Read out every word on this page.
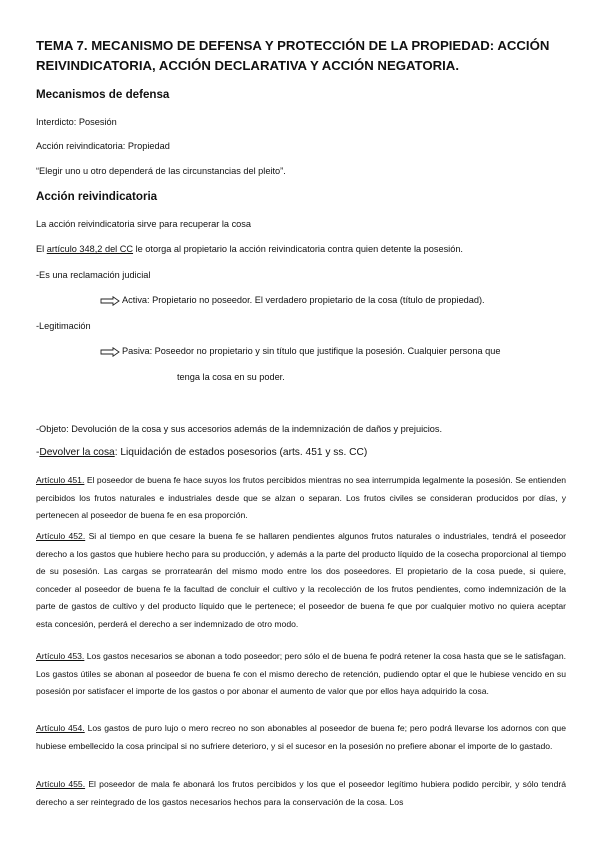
TEMA 7. MECANISMO DE DEFENSA Y PROTECCIÓN DE LA PROPIEDAD: ACCIÓN REIVINDICATORIA, ACCIÓN DECLARATIVA Y ACCIÓN NEGATORIA.
Mecanismos de defensa
Interdicto: Posesión
Acción reivindicatoria: Propiedad
“Elegir uno u otro dependerá de las circunstancias del pleito”.
Acción reivindicatoria
La acción reivindicatoria sirve para recuperar la cosa
El artículo 348,2 del CC le otorga al propietario la acción reivindicatoria contra quien detente la posesión.
-Es una reclamación judicial
Activa: Propietario no poseedor. El verdadero propietario de la cosa (título de propiedad).
-Legitimación
Pasiva: Poseedor no propietario y sin título que justifique la posesión. Cualquier persona que
tenga la cosa en su poder.
-Objeto: Devolución de la cosa y sus accesorios además de la indemnización de daños y prejuicios.
-Devolver la cosa: Liquidación de estados posesorios (arts. 451 y ss. CC)
Artículo 451. El poseedor de buena fe hace suyos los frutos percibidos mientras no sea interrumpida legalmente la posesión. Se entienden percibidos los frutos naturales e industriales desde que se alzan o separan. Los frutos civiles se consideran producidos por días, y pertenecen al poseedor de buena fe en esa proporción.
Artículo 452. Si al tiempo en que cesare la buena fe se hallaren pendientes algunos frutos naturales o industriales, tendrá el poseedor derecho a los gastos que hubiere hecho para su producción, y además a la parte del producto líquido de la cosecha proporcional al tiempo de su posesión. Las cargas se prorratearán del mismo modo entre los dos poseedores. El propietario de la cosa puede, si quiere, conceder al poseedor de buena fe la facultad de concluir el cultivo y la recolección de los frutos pendientes, como indemnización de la parte de gastos de cultivo y del producto líquido que le pertenece; el poseedor de buena fe que por cualquier motivo no quiera aceptar esta concesión, perderá el derecho a ser indemnizado de otro modo.
Artículo 453. Los gastos necesarios se abonan a todo poseedor; pero sólo el de buena fe podrá retener la cosa hasta que se le satisfagan. Los gastos útiles se abonan al poseedor de buena fe con el mismo derecho de retención, pudiendo optar el que le hubiese vencido en su posesión por satisfacer el importe de los gastos o por abonar el aumento de valor que por ellos haya adquirido la cosa.
Artículo 454. Los gastos de puro lujo o mero recreo no son abonables al poseedor de buena fe; pero podrá llevarse los adornos con que hubiese embellecido la cosa principal si no sufriere deterioro, y si el sucesor en la posesión no prefiere abonar el importe de lo gastado.
Artículo 455. El poseedor de mala fe abonará los frutos percibidos y los que el poseedor legítimo hubiera podido percibir, y sólo tendrá derecho a ser reintegrado de los gastos necesarios hechos para la conservación de la cosa. Los
